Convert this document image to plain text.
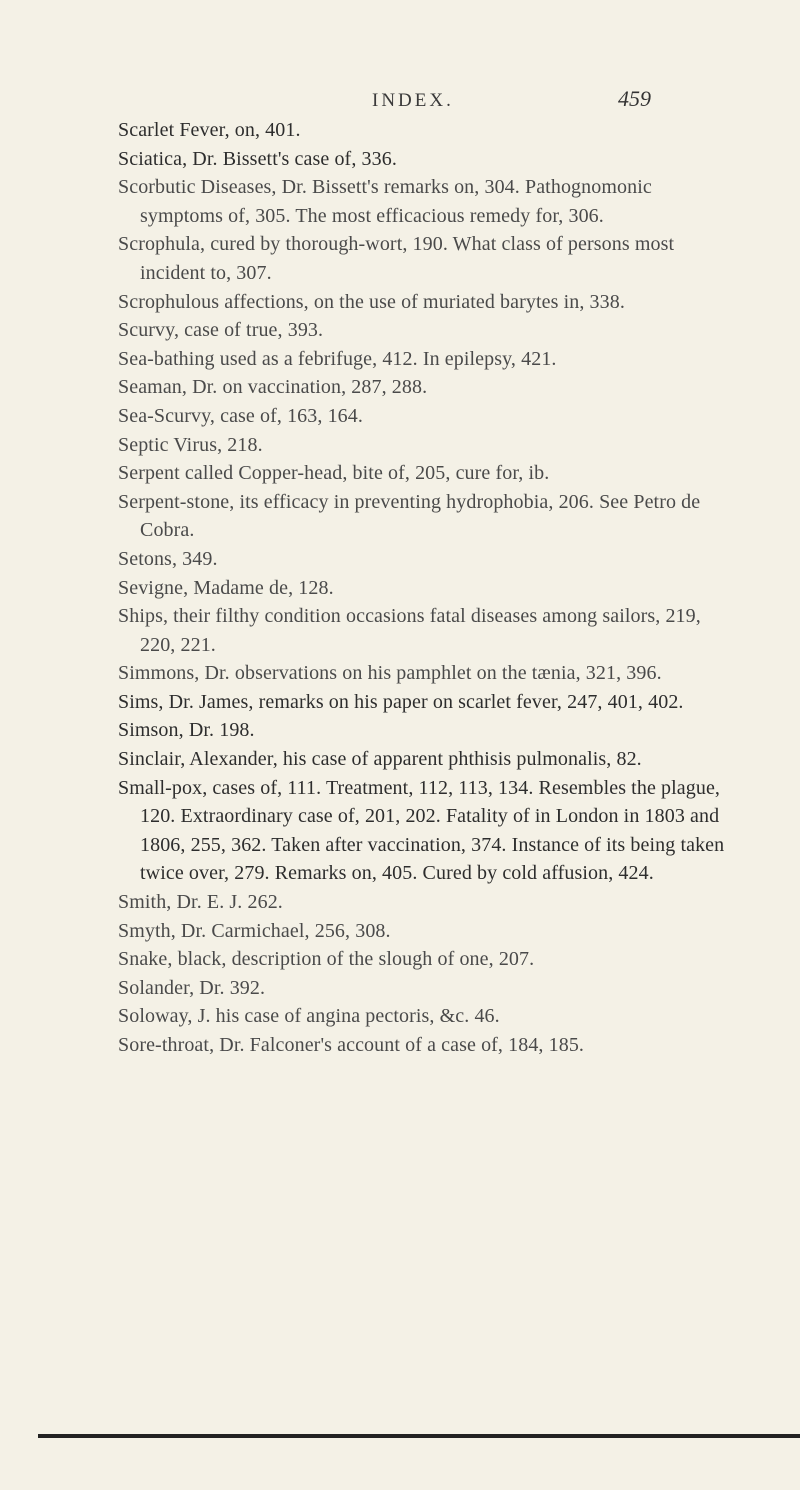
INDEX.	459

Scarlet Fever, on, 401.

Sciatica, Dr. Bissett's case of, 336.

Scorbutic Diseases, Dr. Bissett's remarks on, 304. Pathognomonic symptoms of, 305. The most efficacious remedy for, 306.

Scrophula, cured by thorough-wort, 190. What class of persons most incident to, 307.

Scrophulous affections, on the use of muriated barytes in, 338.

Scurvy, case of true, 393.

Sea-bathing used as a febrifuge, 412. In epilepsy, 421.

Seaman, Dr. on vaccination, 287, 288.

Sea-Scurvy, case of, 163, 164.

Septic Virus, 218.

Serpent called Copper-head, bite of, 205, cure for, ib.

Serpent-stone, its efficacy in preventing hydrophobia, 206. See Petro de Cobra.

Setons, 349.

Sevigne, Madame de, 128.

Ships, their filthy condition occasions fatal diseases among sailors, 219, 220, 221.

Simmons, Dr. observations on his pamphlet on the tænia, 321, 396.

Sims, Dr. James, remarks on his paper on scarlet fever, 247, 401, 402.

Simson, Dr. 198.

Sinclair, Alexander, his case of apparent phthisis pulmonalis, 82.

Small-pox, cases of, 111. Treatment, 112, 113, 134. Resembles the plague, 120. Extraordinary case of, 201, 202. Fatality of in London in 1803 and 1806, 255, 362. Taken after vaccination, 374. Instance of its being taken twice over, 279. Remarks on, 405. Cured by cold affusion, 424.

Smith, Dr. E. J. 262.

Smyth, Dr. Carmichael, 256, 308.

Snake, black, description of the slough of one, 207.

Solander, Dr. 392.

Soloway, J. his case of angina pectoris, &c. 46.

Sore-throat, Dr. Falconer's account of a case of, 184, 185.
